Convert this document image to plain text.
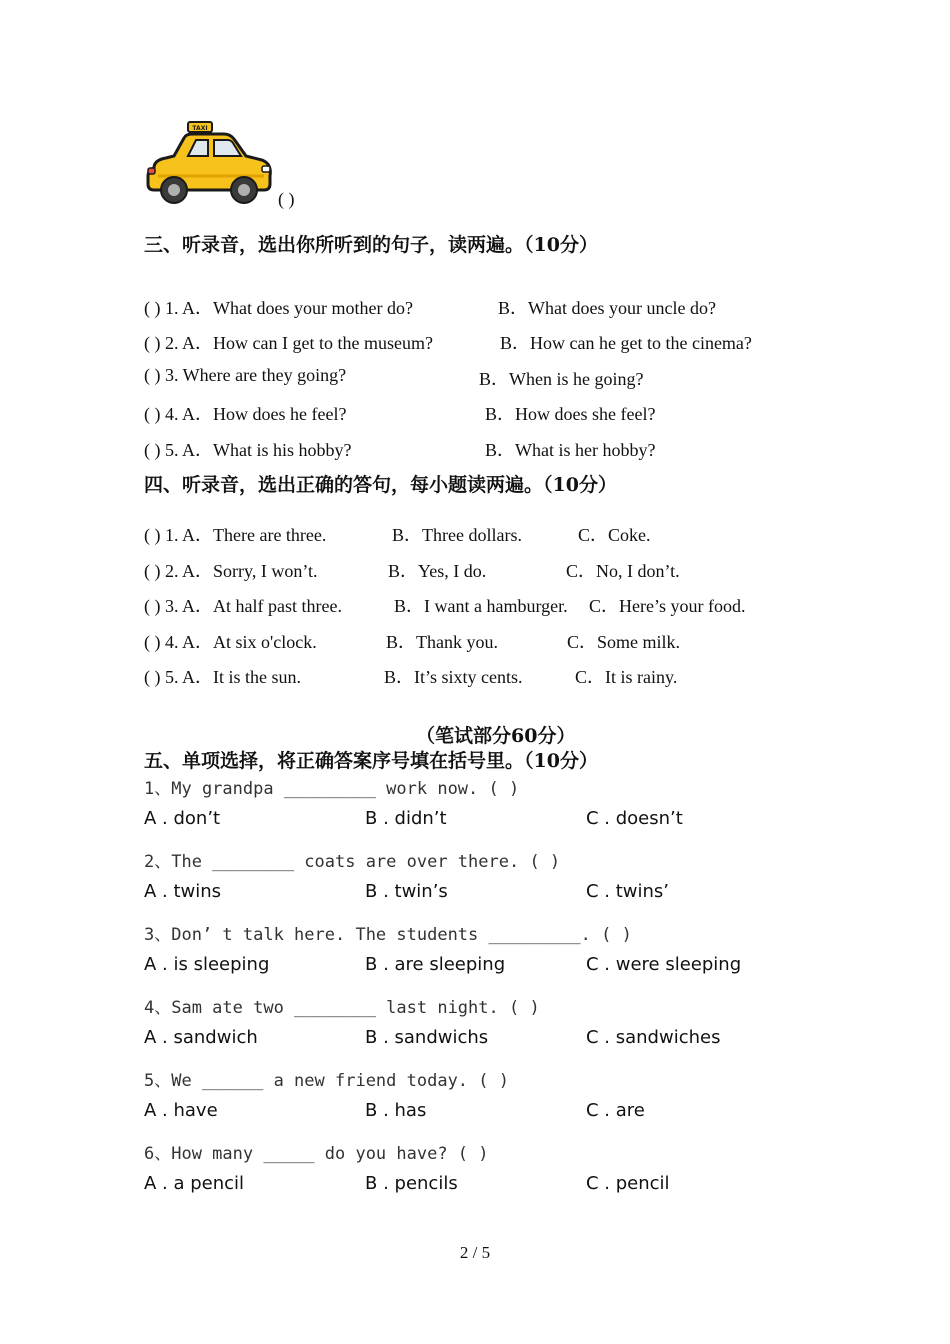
TAXI
( )
三、听录音，选出你所听到的句子，读两遍。（10分）
( ) 1. A．What does your mother do?	B．What does your uncle do?
( ) 2. A．How can I get to the museum?	B．How can he get to the cinema?
( ) 3. Where are they going?	B．When is he going?
( ) 4. A．How does he feel?	B．How does she feel?
( ) 5. A．What is his hobby?	B．What is her hobby?
四、听录音，选出正确的答句，每小题读两遍。（10分）
( ) 1. A．There are three.	B．Three dollars.	C．Coke.
( ) 2. A．Sorry, I won’t.	B．Yes, I do.	C．No, I don’t.
( ) 3. A．At half past three.	B．I want a hamburger. C．Here’s your food.
( ) 4. A．At six o'clock.	B．Thank you.	C．Some milk.
( ) 5. A．It is the sun.	B．It’s sixty cents.	C．It is rainy.
（笔试部分60分）
五、单项选择，将正确答案序号填在括号里。（10分）
1、My grandpa _________ work now. ( )
A . don’t	B . didn’t	C . doesn’t
2、The ________ coats are over there. ( )
A . twins	B . twin’s	C . twins’
3、Don’ t talk here. The students _________. ( )
A . is sleeping	B . are sleeping	C . were sleeping
4、Sam ate two ________ last night. ( )
A . sandwich	B . sandwichs	C . sandwiches
5、We ______ a new friend today. ( )
A . have	B . has	C . are
6、How many _____ do you have? ( )
A . a pencil	B . pencils	C . pencil
2 / 5
